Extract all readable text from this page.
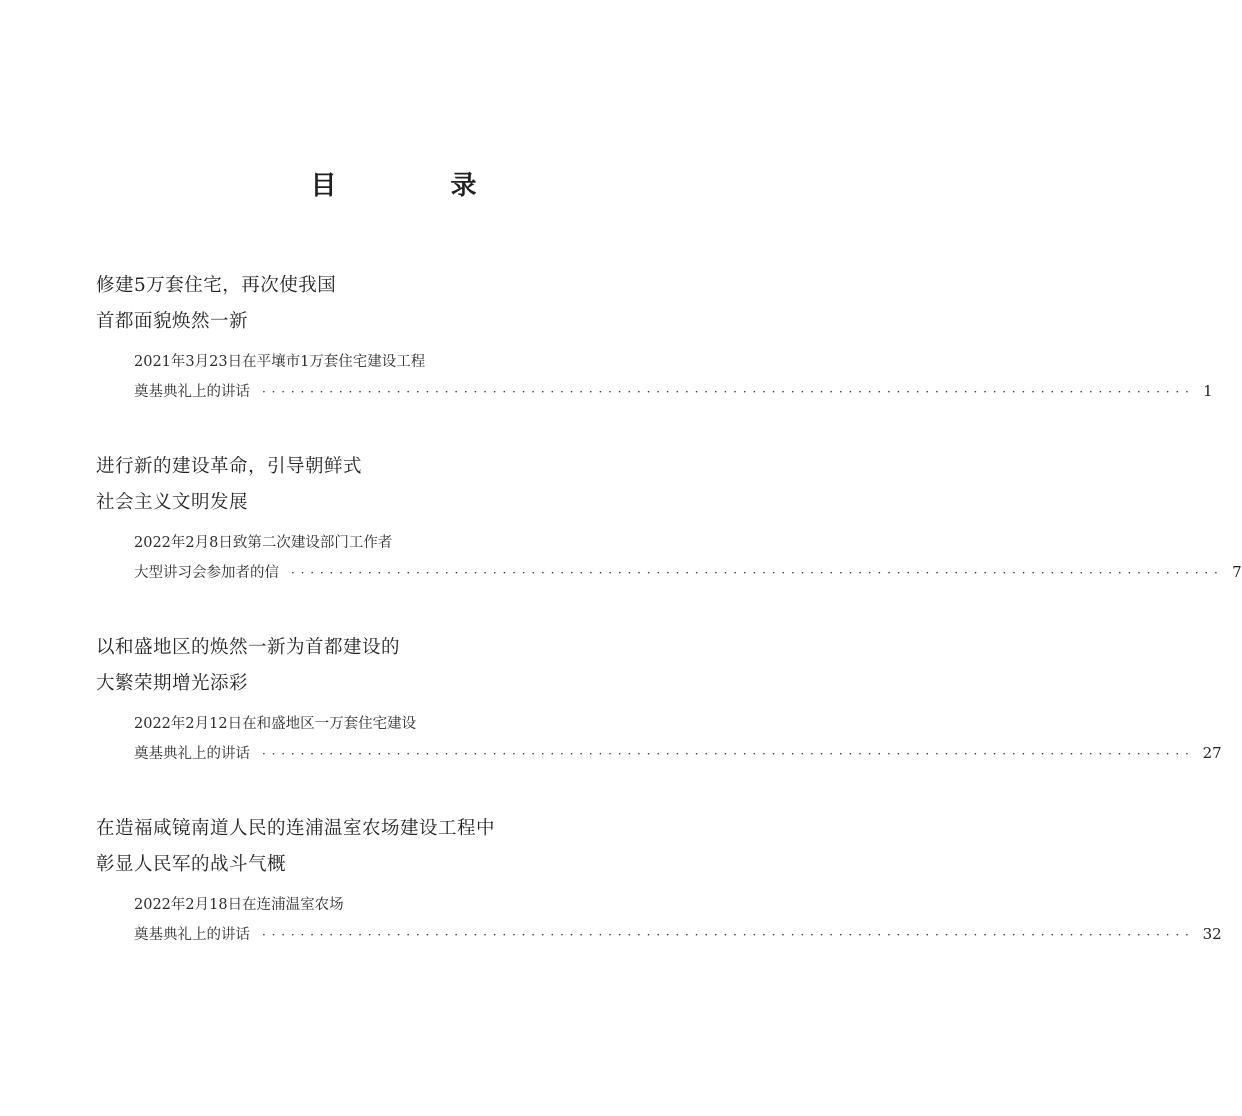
目　录
修建5万套住宅，再次使我国
首都面貌焕然一新
2021年3月23日在平壤市1万套住宅建设工程
奠基典礼上的讲话 ································································································· 1
进行新的建设革命，引导朝鲜式
社会主义文明发展
2022年2月8日致第二次建设部门工作者
大型讲习会参加者的信 ································································································· 7
以和盛地区的焕然一新为首都建设的
大繁荣期增光添彩
2022年2月12日在和盛地区一万套住宅建设
奠基典礼上的讲话 ································································································· 27
在造福咸镜南道人民的连浦温室农场建设工程中
彰显人民军的战斗气概
2022年2月18日在连浦温室农场
奠基典礼上的讲话 ································································································· 32
